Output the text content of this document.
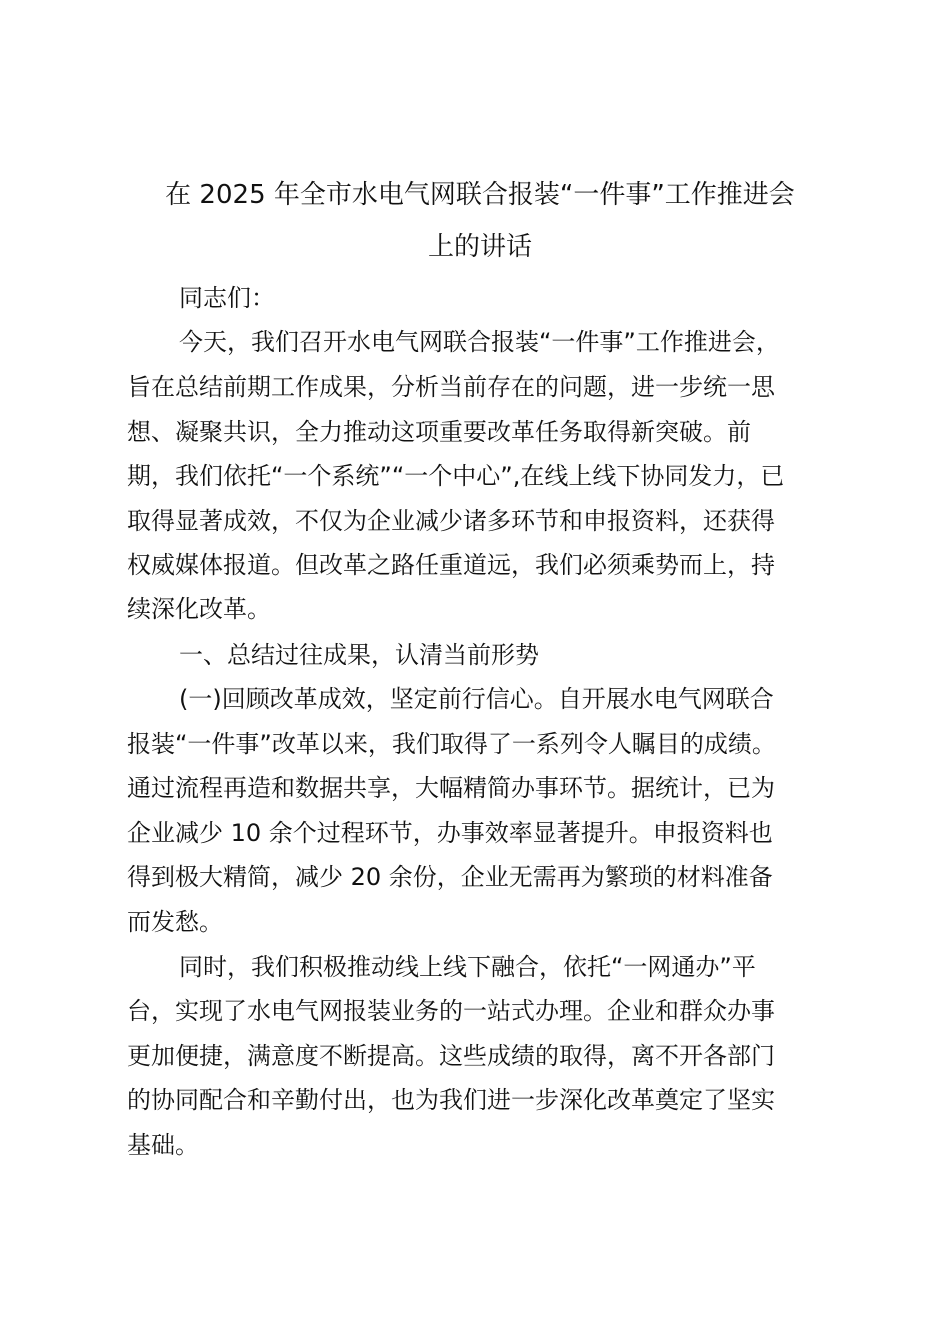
在 2025 年全市水电气网联合报装“一件事”工作推进会
上的讲话

同志们：

今天，我们召开水电气网联合报装“一件事”工作推进会，

旨在总结前期工作成果，分析当前存在的问题，进一步统一思

想、凝聚共识，全力推动这项重要改革任务取得新突破。前

期，我们依托“一个系统”“一个中心”,在线上线下协同发力，已

取得显著成效，不仅为企业减少诸多环节和申报资料，还获得

权威媒体报道。但改革之路任重道远，我们必须乘势而上，持

续深化改革。

一、总结过往成果，认清当前形势

(一)回顾改革成效，坚定前行信心。自开展水电气网联合

报装“一件事”改革以来，我们取得了一系列令人瞩目的成绩。

通过流程再造和数据共享，大幅精简办事环节。据统计，已为

企业减少 10 余个过程环节，办事效率显著提升。申报资料也

得到极大精简，减少 20 余份，企业无需再为繁琐的材料准备

而发愁。

同时，我们积极推动线上线下融合，依托“一网通办”平

台，实现了水电气网报装业务的一站式办理。企业和群众办事

更加便捷，满意度不断提高。这些成绩的取得，离不开各部门

的协同配合和辛勤付出，也为我们进一步深化改革奠定了坚实

基础。
